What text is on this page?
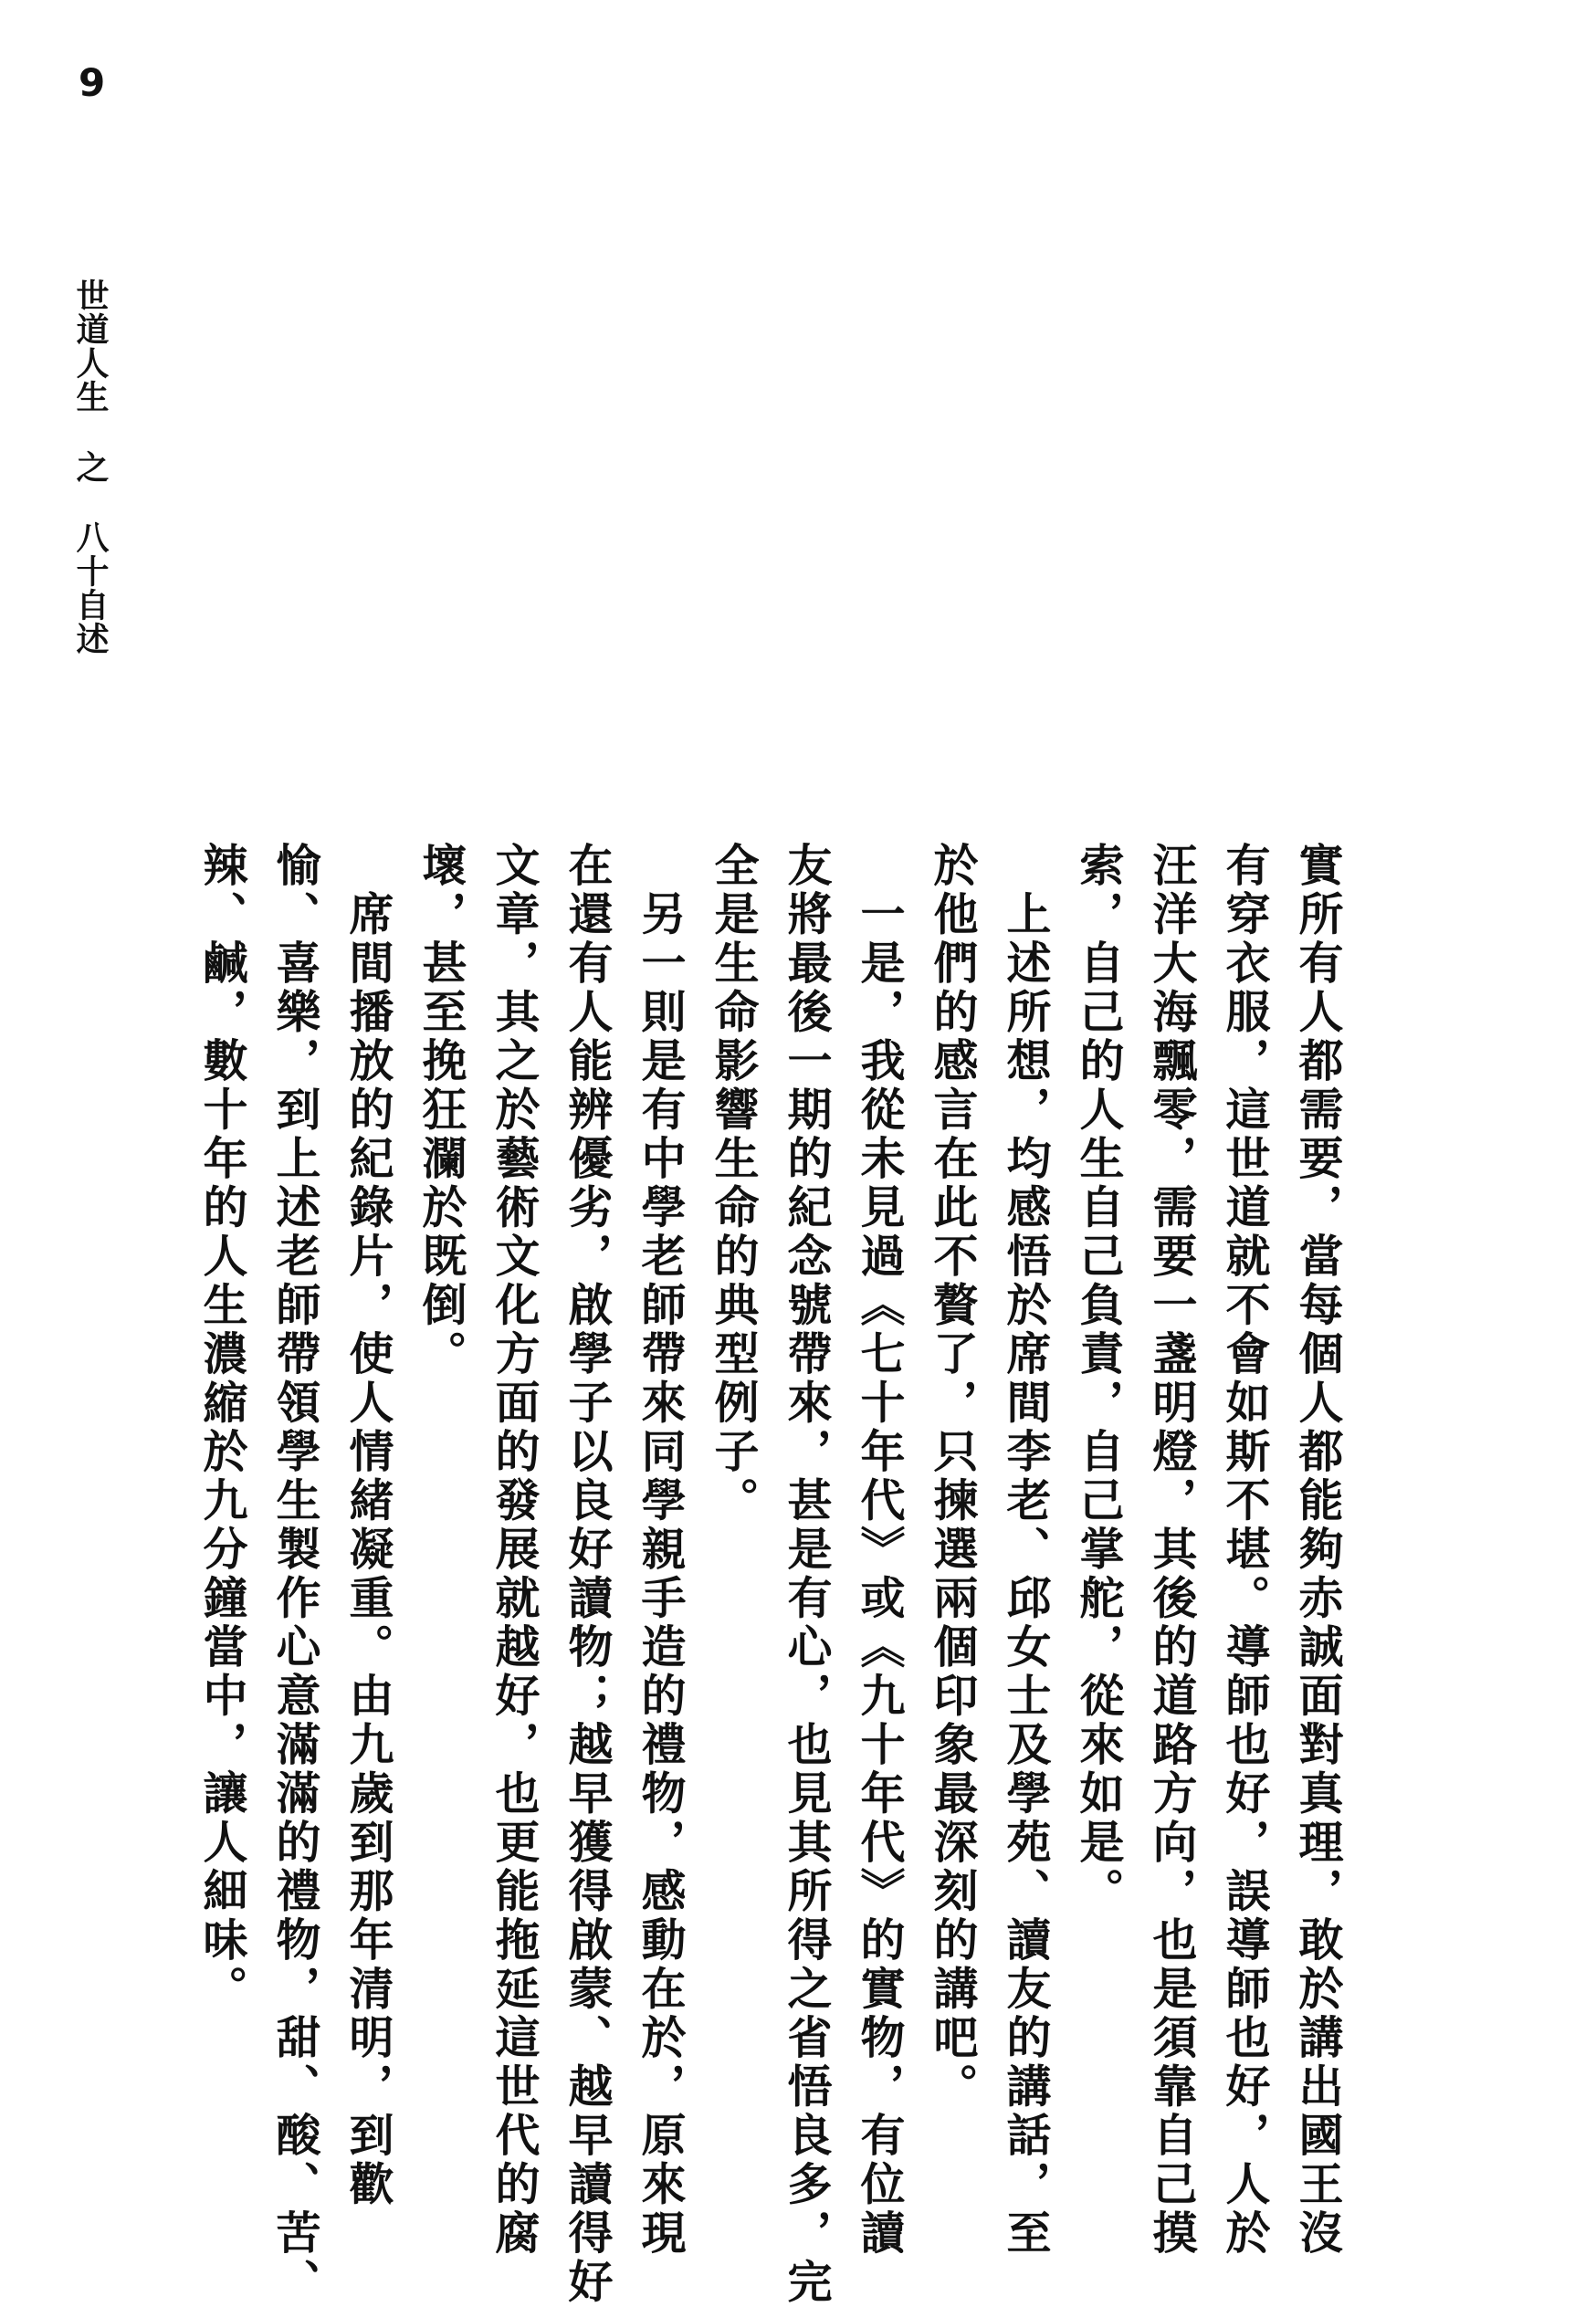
9
世道人生
之
八十自述
實所有人都需要，當每個人都能夠赤誠面對真理，敢於講出國王沒
有穿衣服，這世道就不會如斯不堪。導師也好，誤導師也好，人於
汪洋大海飄零，需要一盞明燈，其後的道路方向，也是須靠自己摸
索，自己的人生自己負責，自己掌舵，從來如是。
　上述所想，均感悟於席間李老、邱女士及學苑、讀友的講話，至
於他們的感言在此不贅了，只揀選兩個印象最深刻的講吧。
　一是，我從未見過《七十年代》或《九十年代》的實物，有位讀
友將最後一期的紀念號帶來，甚是有心，也見其所得之省悟良多，完
全是生命影響生命的典型例子。
　另一則是有中學老師帶來同學親手造的禮物，感動在於，原來現
在還有人能辨優劣，啟學子以良好讀物；越早獲得啟蒙、越早讀得好
文章，其之於藝術文化方面的發展就越好，也更能拖延這世代的腐
壞，甚至挽狂瀾於既倒。
　席間播放的紀錄片，使人情緒凝重。由九歲到那年清明，到歡
愉、喜樂，到上述老師帶領學生製作心意滿滿的禮物，甜、酸、苦、
辣、鹹，數十年的人生濃縮於九分鐘當中，讓人細味。
